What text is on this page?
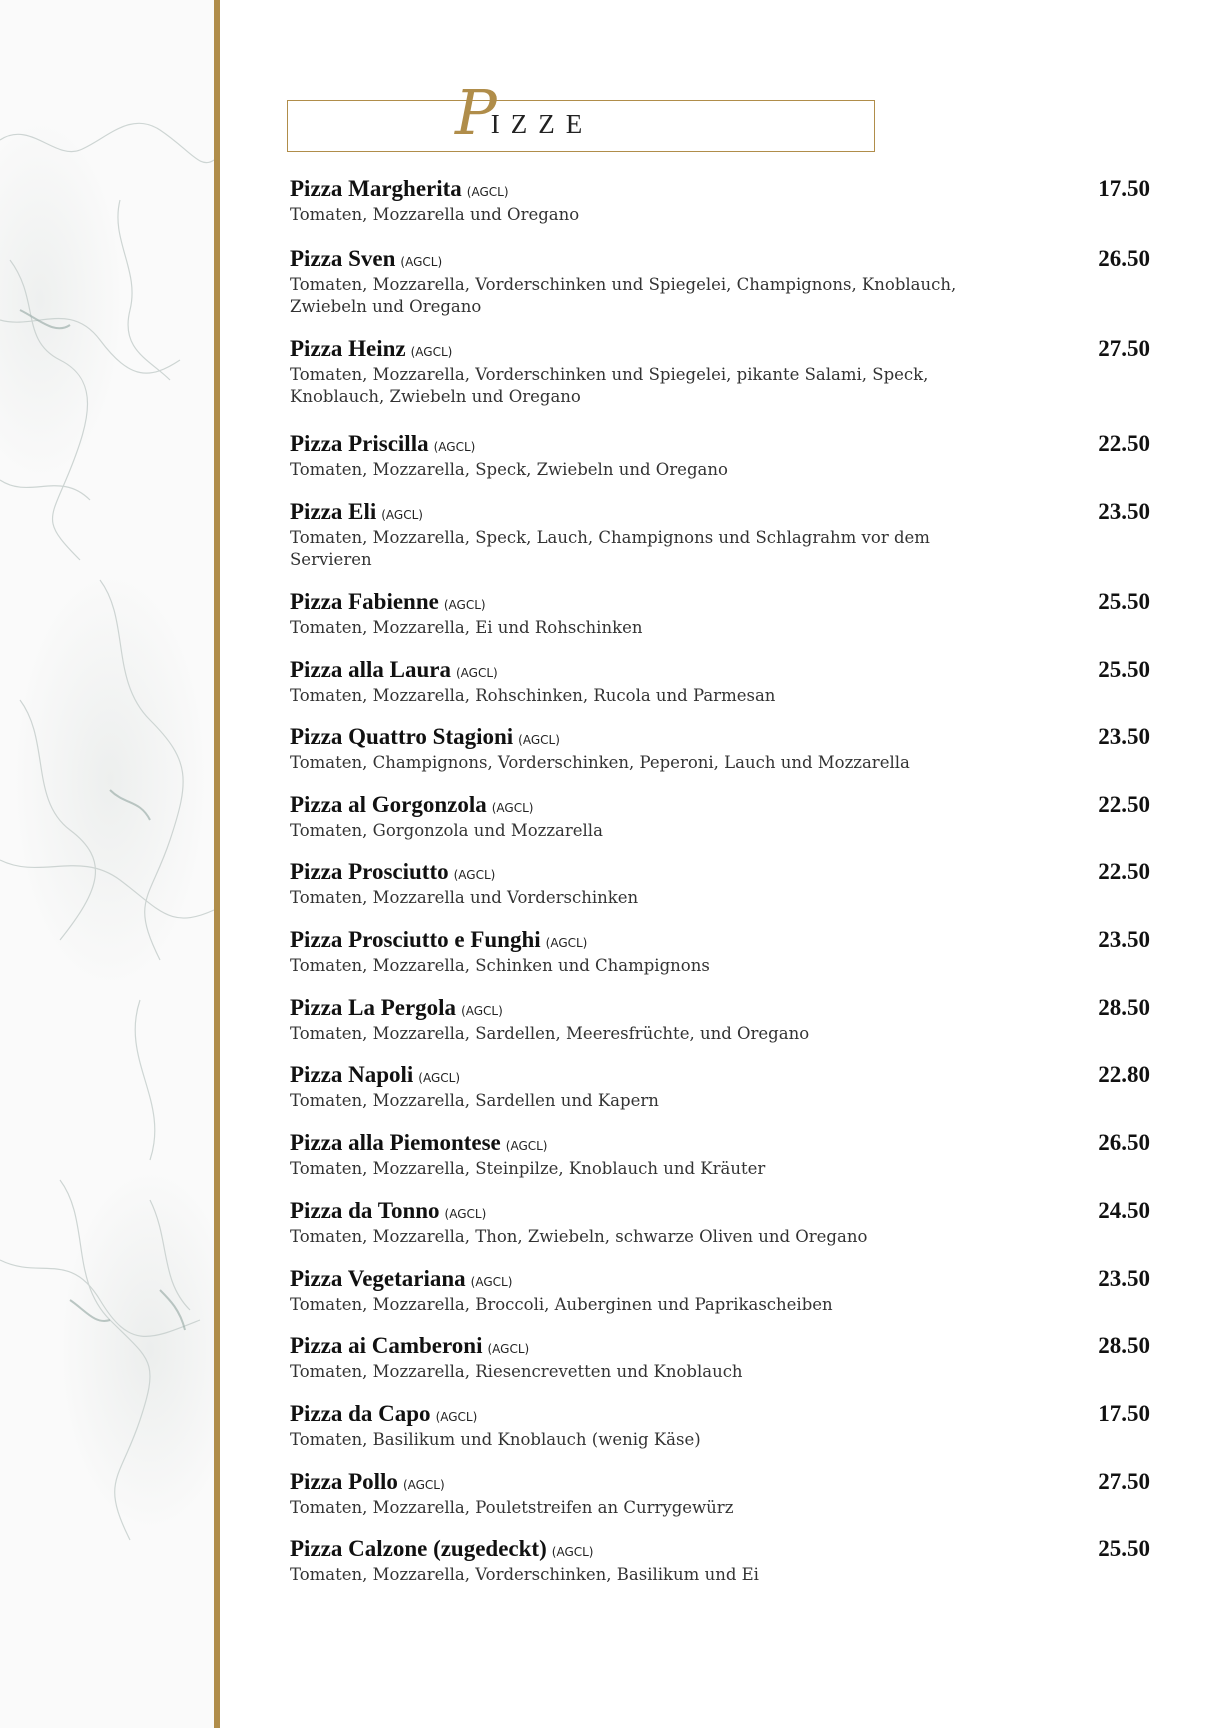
P
IZZE
Pizza Margherita (AGCL)	17.50
Tomaten, Mozzarella und Oregano
Pizza Sven (AGCL)	26.50
Tomaten, Mozzarella, Vorderschinken und Spiegelei, Champignons, Knoblauch, Zwiebeln und Oregano
Pizza Heinz (AGCL)	27.50
Tomaten, Mozzarella, Vorderschinken und Spiegelei, pikante Salami, Speck, Knoblauch, Zwiebeln und Oregano
Pizza Priscilla (AGCL)	22.50
Tomaten, Mozzarella, Speck, Zwiebeln und Oregano
Pizza Eli (AGCL)	23.50
Tomaten, Mozzarella, Speck, Lauch, Champignons und Schlagrahm vor dem Servieren
Pizza Fabienne (AGCL)	25.50
Tomaten, Mozzarella, Ei und Rohschinken
Pizza alla Laura (AGCL)	25.50
Tomaten, Mozzarella, Rohschinken, Rucola und Parmesan
Pizza Quattro Stagioni (AGCL)	23.50
Tomaten, Champignons, Vorderschinken, Peperoni, Lauch und Mozzarella
Pizza al Gorgonzola (AGCL)	22.50
Tomaten, Gorgonzola und Mozzarella
Pizza Prosciutto (AGCL)	22.50
Tomaten, Mozzarella und Vorderschinken
Pizza Prosciutto e Funghi (AGCL)	23.50
Tomaten, Mozzarella, Schinken und Champignons
Pizza La Pergola (AGCL)	28.50
Tomaten, Mozzarella, Sardellen, Meeresfrüchte, und Oregano
Pizza Napoli (AGCL)	22.80
Tomaten, Mozzarella, Sardellen und Kapern
Pizza alla Piemontese (AGCL)	26.50
Tomaten, Mozzarella, Steinpilze, Knoblauch und Kräuter
Pizza da Tonno (AGCL)	24.50
Tomaten, Mozzarella, Thon, Zwiebeln, schwarze Oliven und Oregano
Pizza Vegetariana (AGCL)	23.50
Tomaten, Mozzarella, Broccoli, Auberginen und Paprikascheiben
Pizza ai Camberoni (AGCL)	28.50
Tomaten, Mozzarella, Riesencrevetten und Knoblauch
Pizza da Capo (AGCL)	17.50
Tomaten, Basilikum und Knoblauch (wenig Käse)
Pizza Pollo (AGCL)	27.50
Tomaten, Mozzarella, Pouletstreifen an Currygewürz
Pizza Calzone (zugedeckt) (AGCL)	25.50
Tomaten, Mozzarella, Vorderschinken, Basilikum und Ei
